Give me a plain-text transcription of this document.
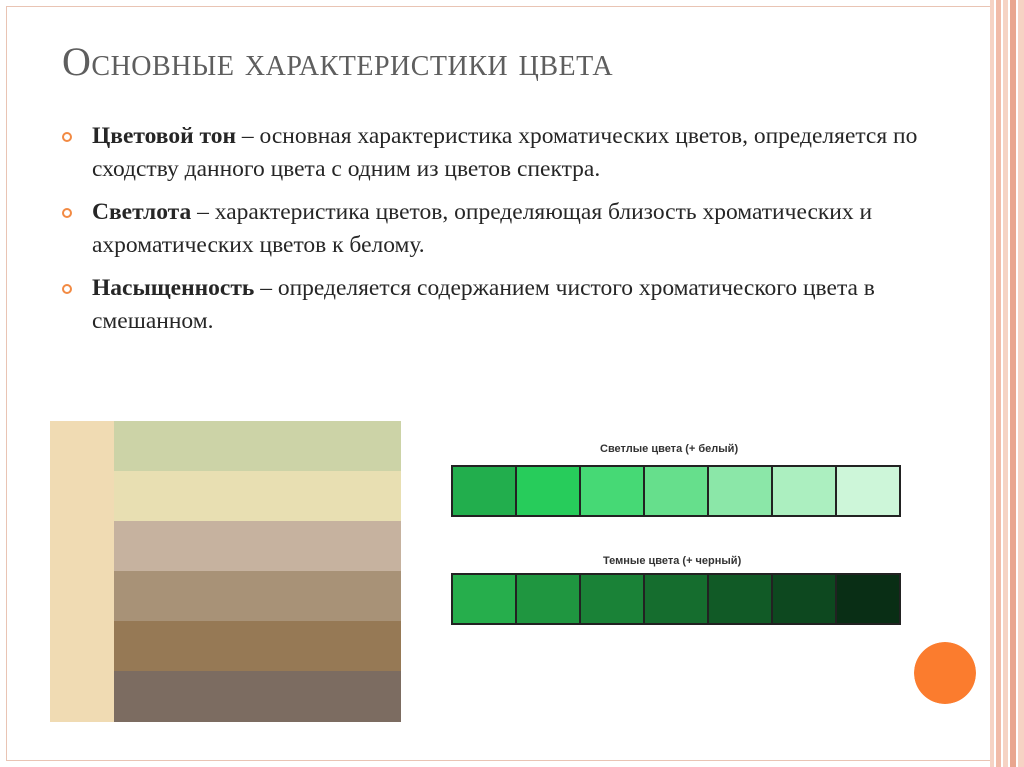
Основные характеристики цвета
Цветовой тон – основная характеристика хроматических цветов, определяется по сходству данного цвета с одним из цветов спектра.
Светлота – характеристика цветов, определяющая близость хроматических и ахроматических цветов к белому.
Насыщенность – определяется содержанием чистого хроматического цвета в смешанном.
Светлые цвета (+ белый)
Темные цвета (+ черный)
